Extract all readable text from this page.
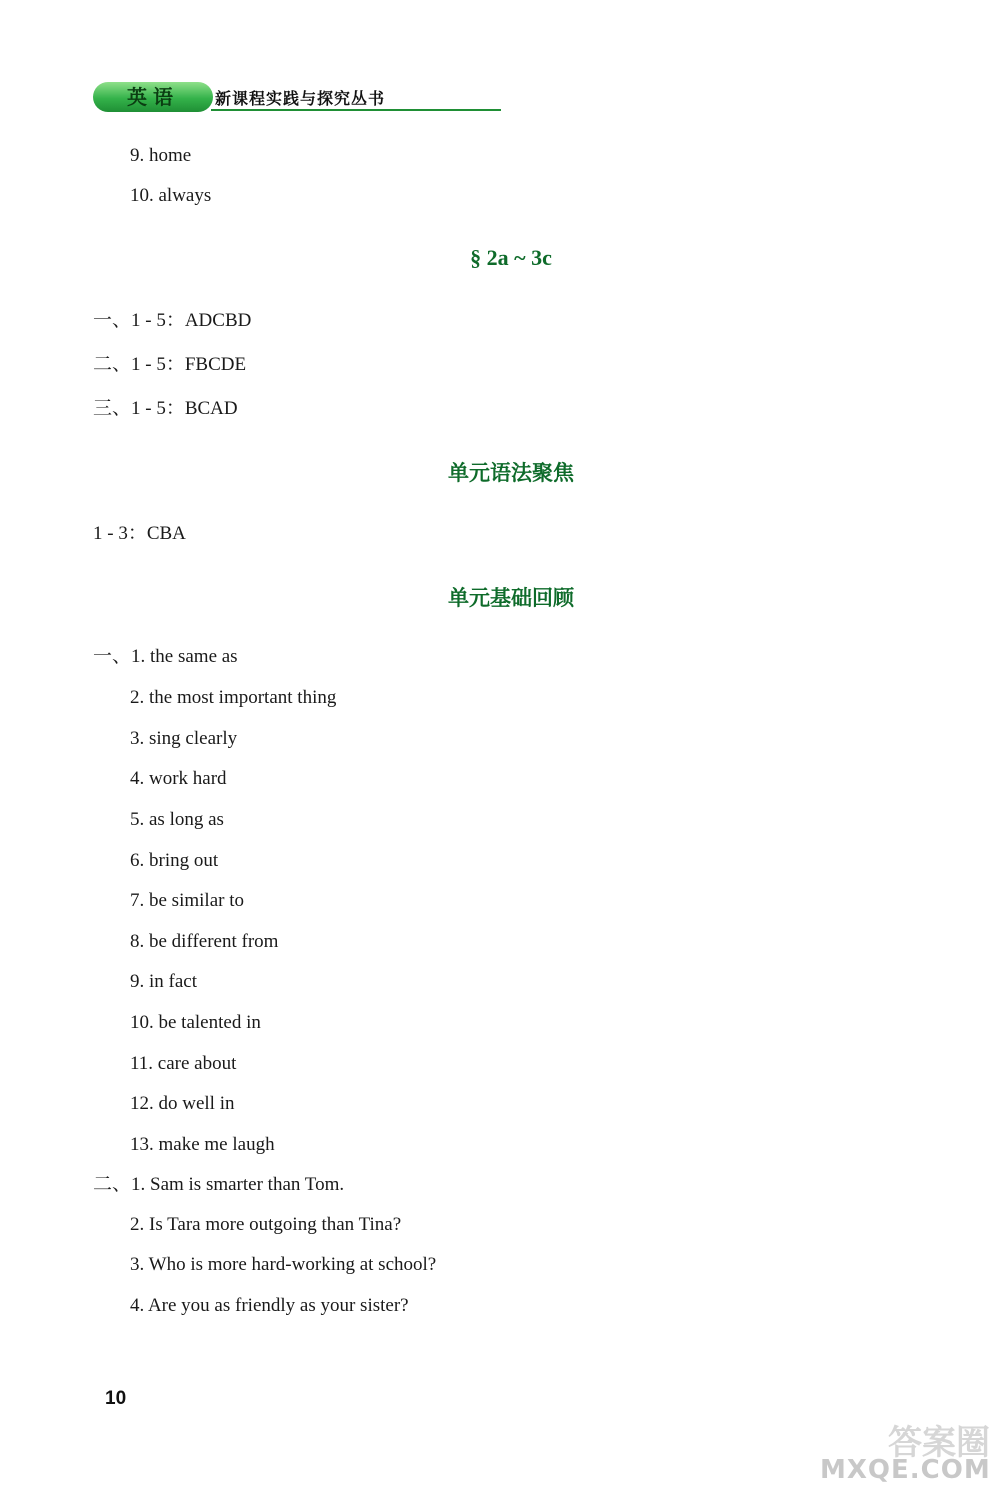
英语	新课程实践与探究丛书
9. home
10. always
§ 2a ~ 3c
一、1 - 5：ADCBD
二、1 - 5：FBCDE
三、1 - 5：BCAD
单元语法聚焦
1 - 3：CBA
单元基础回顾
一、1. the same as
2. the most important thing
3. sing clearly
4. work hard
5. as long as
6. bring out
7. be similar to
8. be different from
9. in fact
10. be talented in
11. care about
12. do well in
13. make me laugh
二、1. Sam is smarter than Tom.
2. Is Tara more outgoing than Tina?
3. Who is more hard-working at school?
4. Are you as friendly as your sister?
10
答案圈
MXQE.COM
